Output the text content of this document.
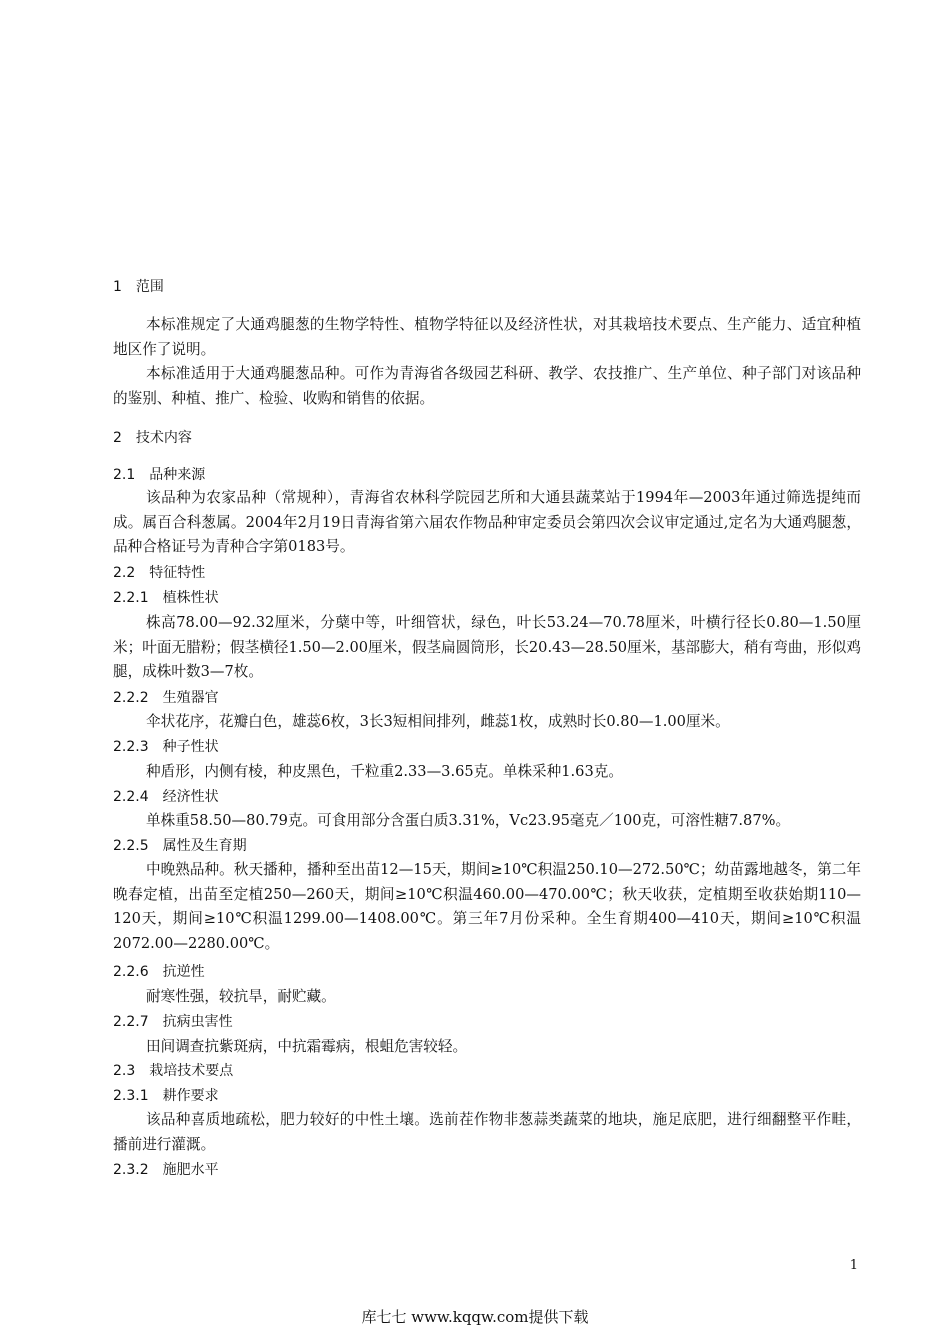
1 范围

本标准规定了大通鸡腿葱的生物学特性、植物学特征以及经济性状，对其栽培技术要点、生产能力、适宜种植地区作了说明。

本标准适用于大通鸡腿葱品种。可作为青海省各级园艺科研、教学、农技推广、生产单位、种子部门对该品种的鉴别、种植、推广、检验、收购和销售的依据。

2 技术内容
2.1 品种来源

该品种为农家品种（常规种），青海省农林科学院园艺所和大通县蔬菜站于1994年—2003年通过筛选提纯而成。属百合科葱属。2004年2月19日青海省第六届农作物品种审定委员会第四次会议审定通过,定名为大通鸡腿葱，品种合格证号为青种合字第0183号。

2.2 特征特性
2.2.1 植株性状

株高78.00—92.32厘米，分蘖中等，叶细管状，绿色，叶长53.24—70.78厘米，叶横行径长0.80—1.50厘米；叶面无腊粉；假茎横径1.50—2.00厘米，假茎扁圆筒形，长20.43—28.50厘米，基部膨大，稍有弯曲，形似鸡腿，成株叶数3—7枚。

2.2.2 生殖器官

伞状花序，花瓣白色，雄蕊6枚，3长3短相间排列，雌蕊1枚，成熟时长0.80—1.00厘米。

2.2.3 种子性状

种盾形，内侧有棱，种皮黑色，千粒重2.33—3.65克。单株采种1.63克。

2.2.4 经济性状

单株重58.50—80.79克。可食用部分含蛋白质3.31%，Vc23.95毫克／100克，可溶性糖7.87%。

2.2.5 属性及生育期

中晚熟品种。秋天播种，播种至出苗12—15天，期间≥10℃积温250.10—272.50℃；幼苗露地越冬，第二年晚春定植，出苗至定植250—260天，期间≥10℃积温460.00—470.00℃；秋天收获，定植期至收获始期110—120天，期间≥10℃积温1299.00—1408.00℃。第三年7月份采种。全生育期400—410天，期间≥10℃积温2072.00—2280.00℃。

2.2.6 抗逆性

耐寒性强，较抗旱，耐贮藏。

2.2.7 抗病虫害性

田间调查抗紫斑病，中抗霜霉病，根蛆危害较轻。

2.3 栽培技术要点
2.3.1 耕作要求

该品种喜质地疏松，肥力较好的中性土壤。选前茬作物非葱蒜类蔬菜的地块，施足底肥，进行细翻整平作畦，播前进行灌溉。

2.3.2 施肥水平
1
库七七 www.kqqw.com提供下载
